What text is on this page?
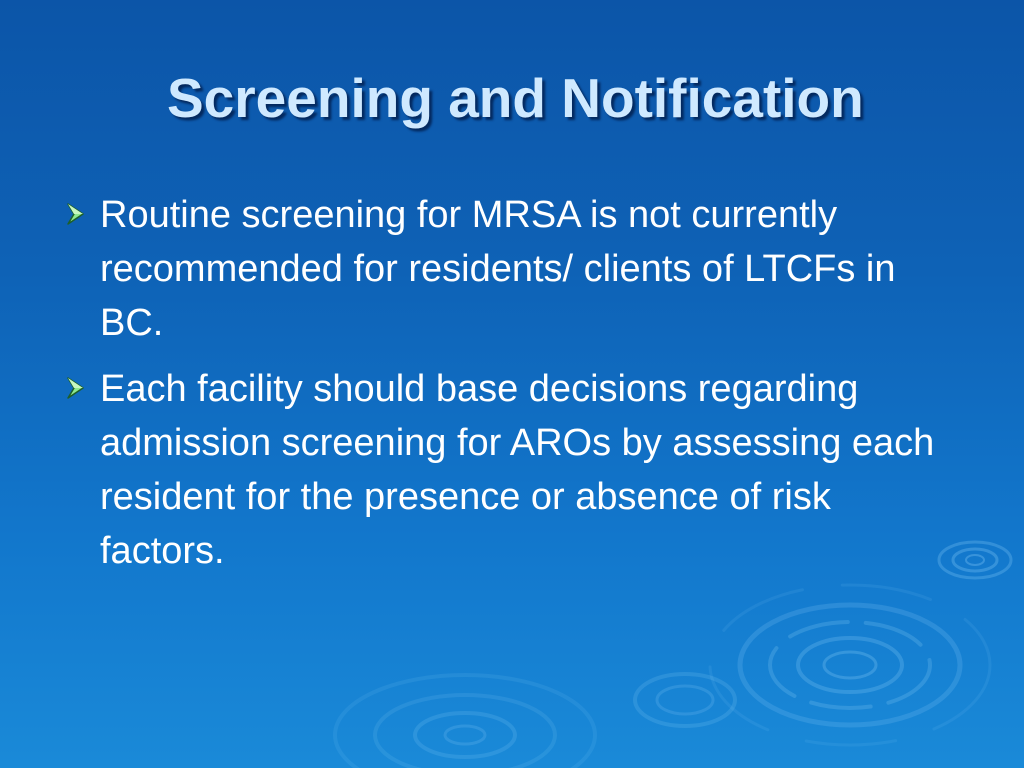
Screening and Notification
Routine screening for MRSA is not currently recommended for residents/ clients of LTCFs in BC.
Each facility should base decisions regarding admission screening for AROs by assessing each resident for the presence or absence of risk factors.
